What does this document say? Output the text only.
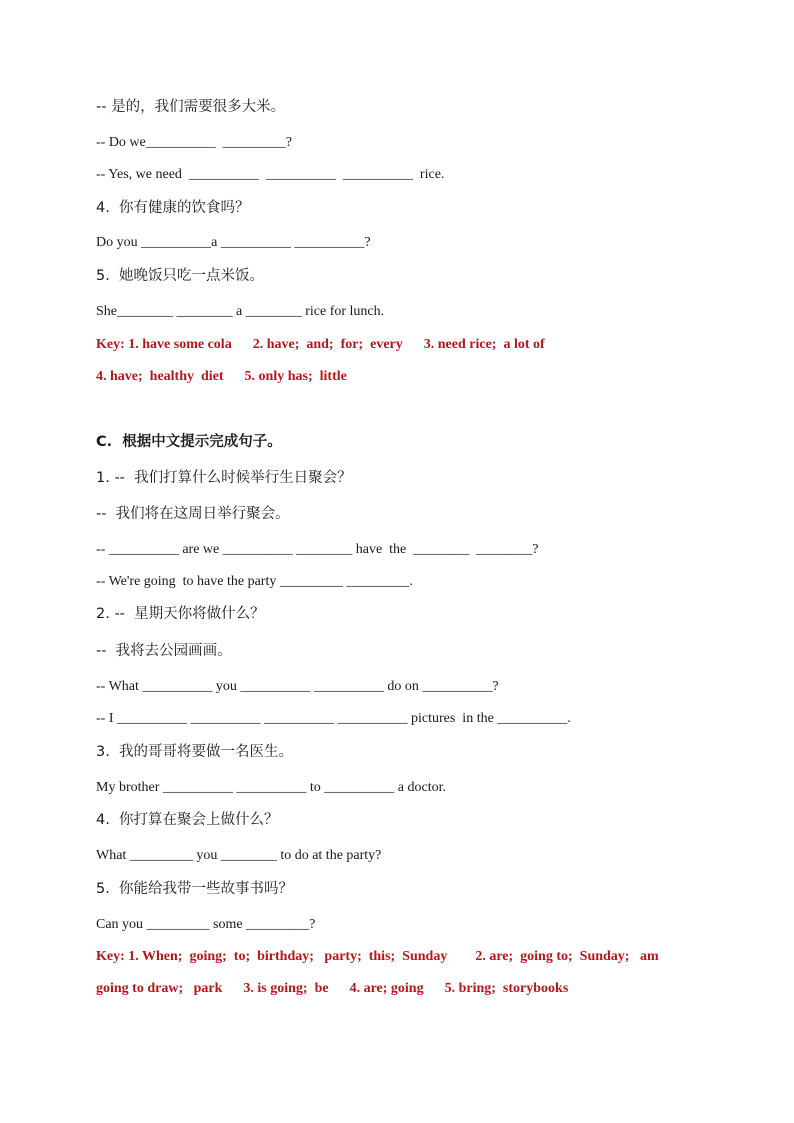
-- 是的，我们需要很多大米。
-- Do we__________  _________?
-- Yes, we need  __________  __________  __________  rice.
4.  你有健康的饮食吗？
Do you __________a __________ __________?
5.  她晚饭只吃一点米饭。
She________ ________ a ________ rice for lunch.
Key: 1. have some cola      2. have;  and;  for;  every      3. need rice;  a lot of
4. have;  healthy  diet      5. only has;  little
C.  根据中文提示完成句子。
1. --  我们打算什么时候举行生日聚会？
--  我们将在这周日举行聚会。
-- __________ are we __________ ________ have  the  ________  ________?
-- We're going  to have the party _________ _________.
2. --  星期天你将做什么？
--  我将去公园画画。
-- What __________ you __________ __________ do on __________?
-- I __________ __________ __________ __________ pictures  in the __________.
3.  我的哥哥将要做一名医生。
My brother __________ __________ to __________ a doctor.
4.  你打算在聚会上做什么？
What _________ you ________ to do at the party?
5.  你能给我带一些故事书吗？
Can you _________ some _________?
Key: 1. When;  going;  to;  birthday;   party;  this;  Sunday        2. are;  going to;  Sunday;   am
going to draw;   park      3. is going;  be      4. are; going      5. bring;  storybooks
